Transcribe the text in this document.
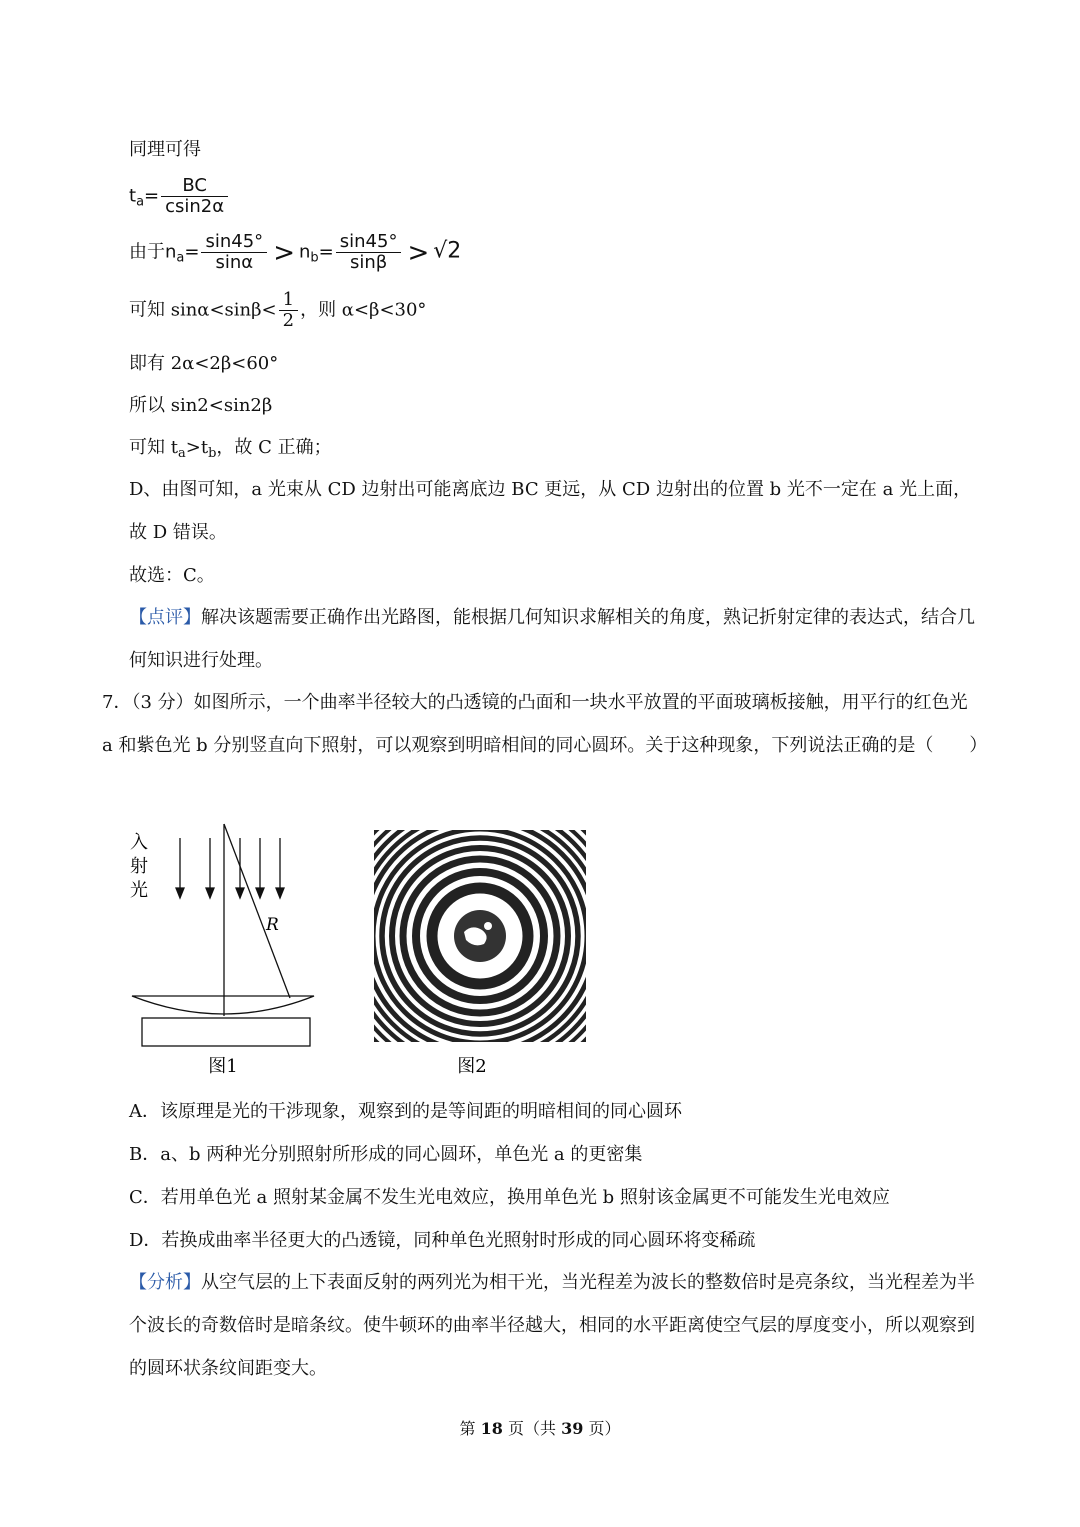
同理可得
$t_a= \frac{BC}{csin2\alpha}$
由于$n_a= \frac{\sin 45^\circ}{\sin\alpha} > n_b= \frac{\sin 45^\circ}{\sin\beta} > √2$
可知 $\sin\alpha<\sin\beta< \frac{1}{2}$ ，则 α<β<30°
即有 2α<2β<60°
所以 sin2<sin2β
可知 $t_a>t_b$，故 C 正确；
D、由图可知，a 光束从 CD 边射出可能离底边 BC 更远，从 CD 边射出的位置 b 光不一定在 a 光上面，故 D 错误。
故选：C。
【点评】解决该题需要正确作出光路图，能根据几何知识求解相关的角度，熟记折射定律的表达式，结合几何知识进行处理。
7．（3 分）如图所示，一个曲率半径较大的凸透镜的凸面和一块水平放置的平面玻璃板接触，用平行的红色光 a 和紫色光 b 分别竖直向下照射，可以观察到明暗相间的同心圆环。关于这种现象，下列说法正确的是（　　）
入
射
光
R
图1	图2
A．该原理是光的干涉现象，观察到的是等间距的明暗相间的同心圆环
B．a、b 两种光分别照射所形成的同心圆环，单色光 a 的更密集
C．若用单色光 a 照射某金属不发生光电效应，换用单色光 b 照射该金属更不可能发生光电效应
D．若换成曲率半径更大的凸透镜，同种单色光照射时形成的同心圆环将变稀疏
【分析】从空气层的上下表面反射的两列光为相干光，当光程差为波长的整数倍时是亮条纹，当光程差为半个波长的奇数倍时是暗条纹。使牛顿环的曲率半径越大，相同的水平距离使空气层的厚度变小，所以观察到的圆环状条纹间距变大。
第 18 页（共 39 页）
